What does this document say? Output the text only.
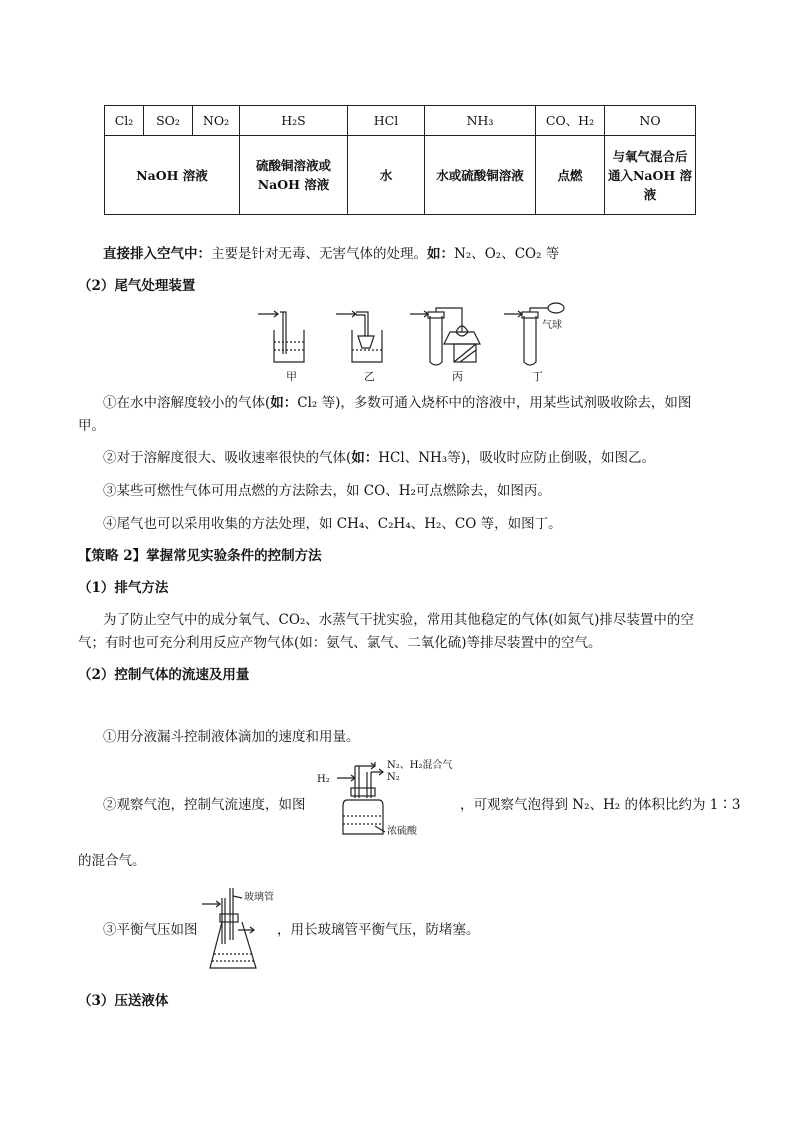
Cl₂	SO₂	NO₂	H₂S	HCl	NH₃	CO、H₂	NO
NaOH 溶液			硫酸铜溶液或NaOH 溶液	水	水或硫酸铜溶液	点燃	与氧气混合后通入NaOH 溶液
直接排入空气中：主要是针对无毒、无害气体的处理。如：N₂、O₂、CO₂ 等
（2）尾气处理装置
气球
甲	乙	丙	丁
①在水中溶解度较小的气体(如：Cl₂ 等)，多数可通入烧杯中的溶液中，用某些试剂吸收除去，如图
甲。
②对于溶解度很大、吸收速率很快的气体(如：HCl、NH₃等)，吸收时应防止倒吸，如图乙。
③某些可燃性气体可用点燃的方法除去，如 CO、H₂可点燃除去，如图丙。
④尾气也可以采用收集的方法处理，如 CH₄、C₂H₄、H₂、CO 等，如图丁。
【策略 2】掌握常见实验条件的控制方法
（1）排气方法
为了防止空气中的成分氧气、CO₂、水蒸气干扰实验，常用其他稳定的气体(如氮气)排尽装置中的空
气；有时也可充分利用反应产物气体(如：氨气、氯气、二氧化硫)等排尽装置中的空气。
（2）控制气体的流速及用量
①用分液漏斗控制液体滴加的速度和用量。
N₂、H₂混合气
H₂	N₂
浓硫酸
②观察气泡，控制气流速度，如图	，可观察气泡得到 N₂、H₂ 的体积比约为 1∶3
的混合气。
玻璃管
③平衡气压如图	，用长玻璃管平衡气压，防堵塞。
（3）压送液体
